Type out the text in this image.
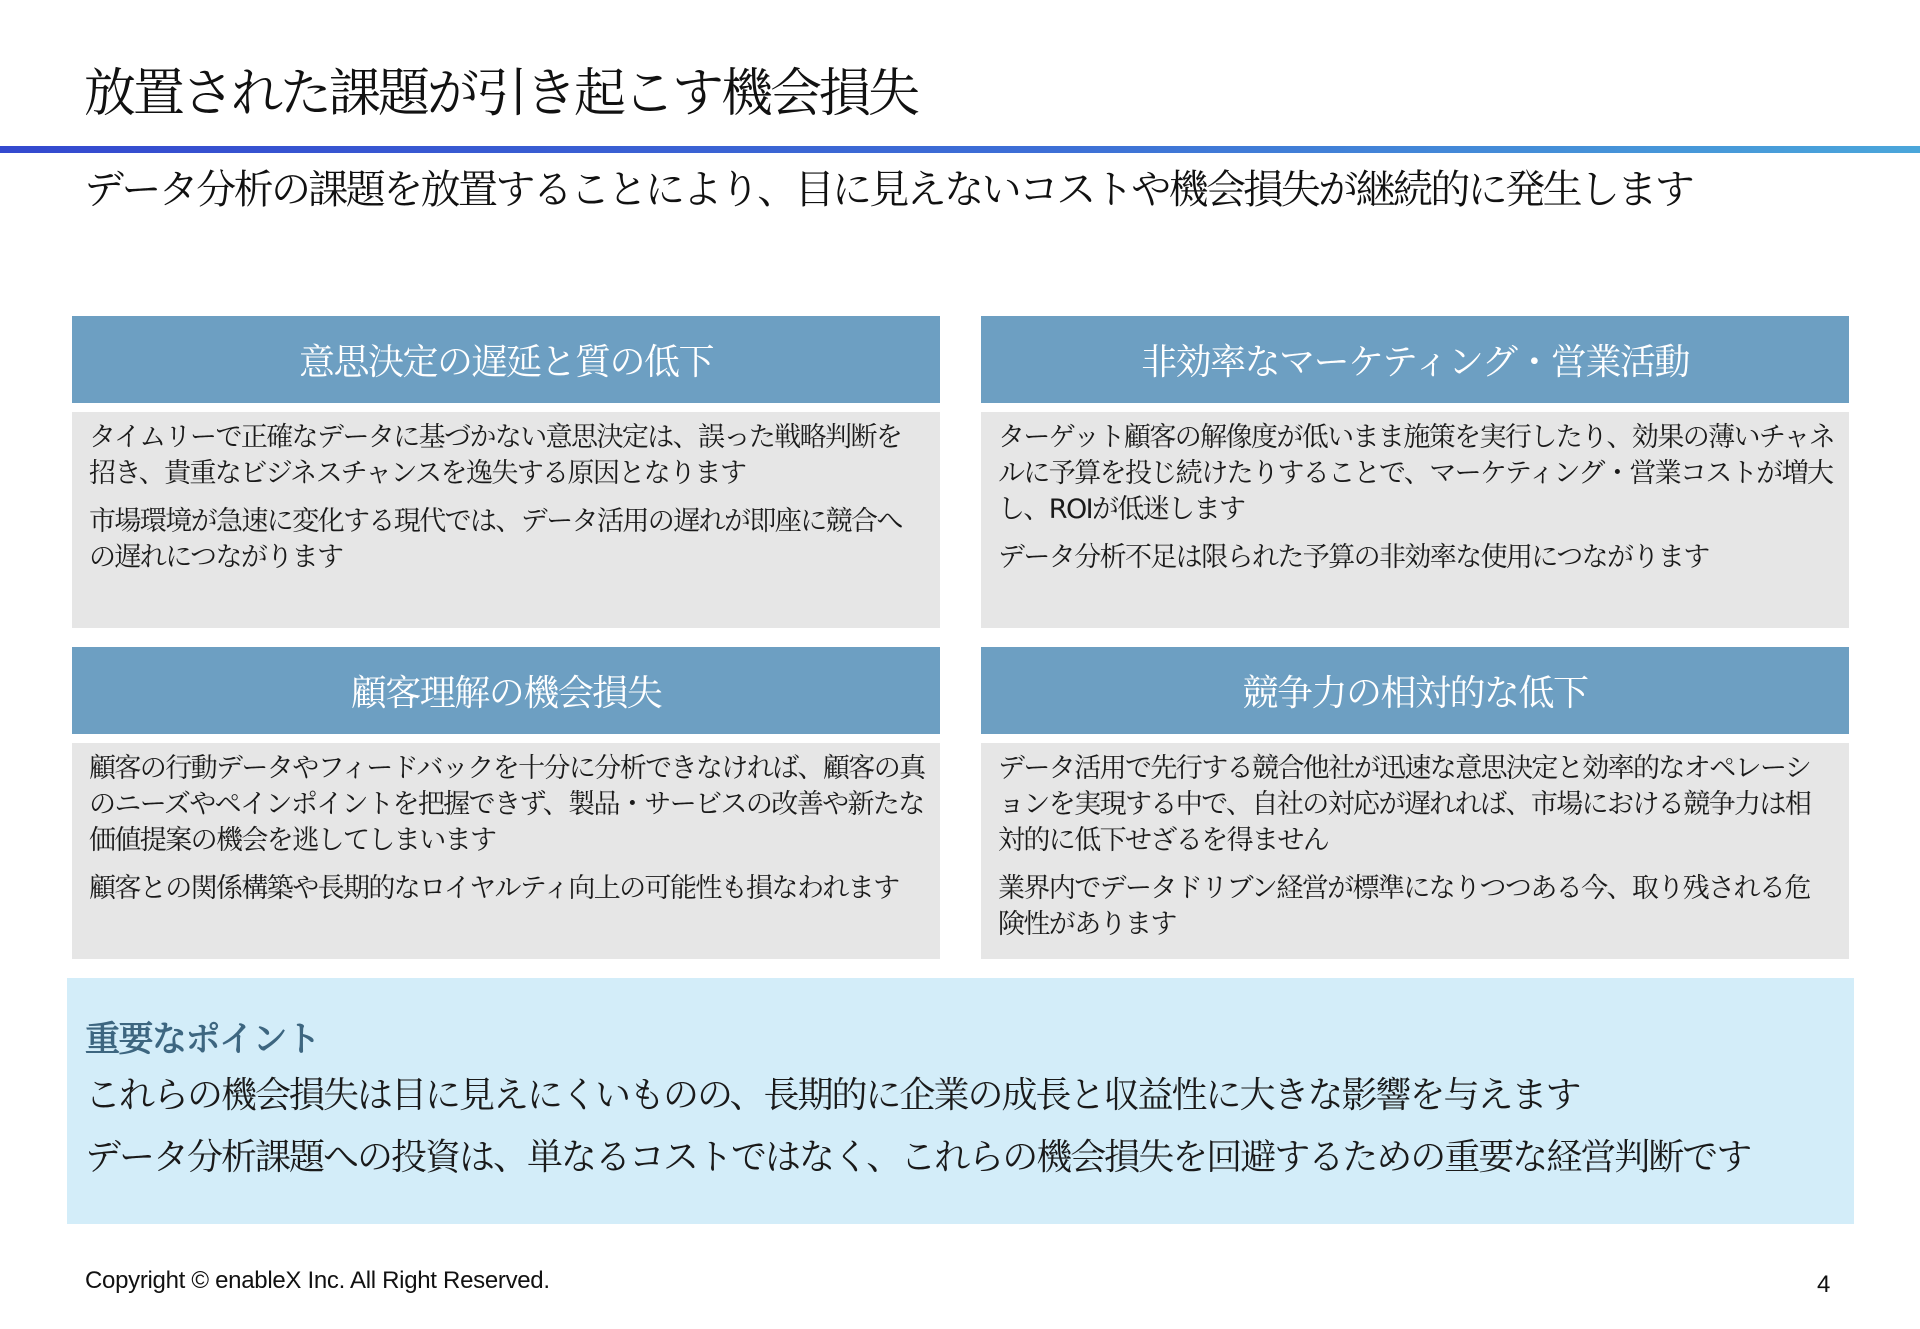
放置された課題が引き起こす機会損失
データ分析の課題を放置することにより、目に見えないコストや機会損失が継続的に発生します
意思決定の遅延と質の低下

タイムリーで正確なデータに基づかない意思決定は、誤った戦略判断を招き、貴重なビジネスチャンスを逸失する原因となります

市場環境が急速に変化する現代では、データ活用の遅れが即座に競合への遅れにつながります

非効率なマーケティング・営業活動

ターゲット顧客の解像度が低いまま施策を実行したり、効果の薄いチャネルに予算を投じ続けたりすることで、マーケティング・営業コストが増大し、ROIが低迷します

データ分析不足は限られた予算の非効率な使用につながります

顧客理解の機会損失

顧客の行動データやフィードバックを十分に分析できなければ、顧客の真のニーズやペインポイントを把握できず、製品・サービスの改善や新たな価値提案の機会を逃してしまいます

顧客との関係構築や長期的なロイヤルティ向上の可能性も損なわれます

競争力の相対的な低下

データ活用で先行する競合他社が迅速な意思決定と効率的なオペレーションを実現する中で、自社の対応が遅れれば、市場における競争力は相対的に低下せざるを得ません

業界内でデータドリブン経営が標準になりつつある今、取り残される危険性があります

重要なポイント
これらの機会損失は目に見えにくいものの、長期的に企業の成長と収益性に大きな影響を与えます
データ分析課題への投資は、単なるコストではなく、これらの機会損失を回避するための重要な経営判断です
Copyright © enableX Inc. All Right Reserved.	4
